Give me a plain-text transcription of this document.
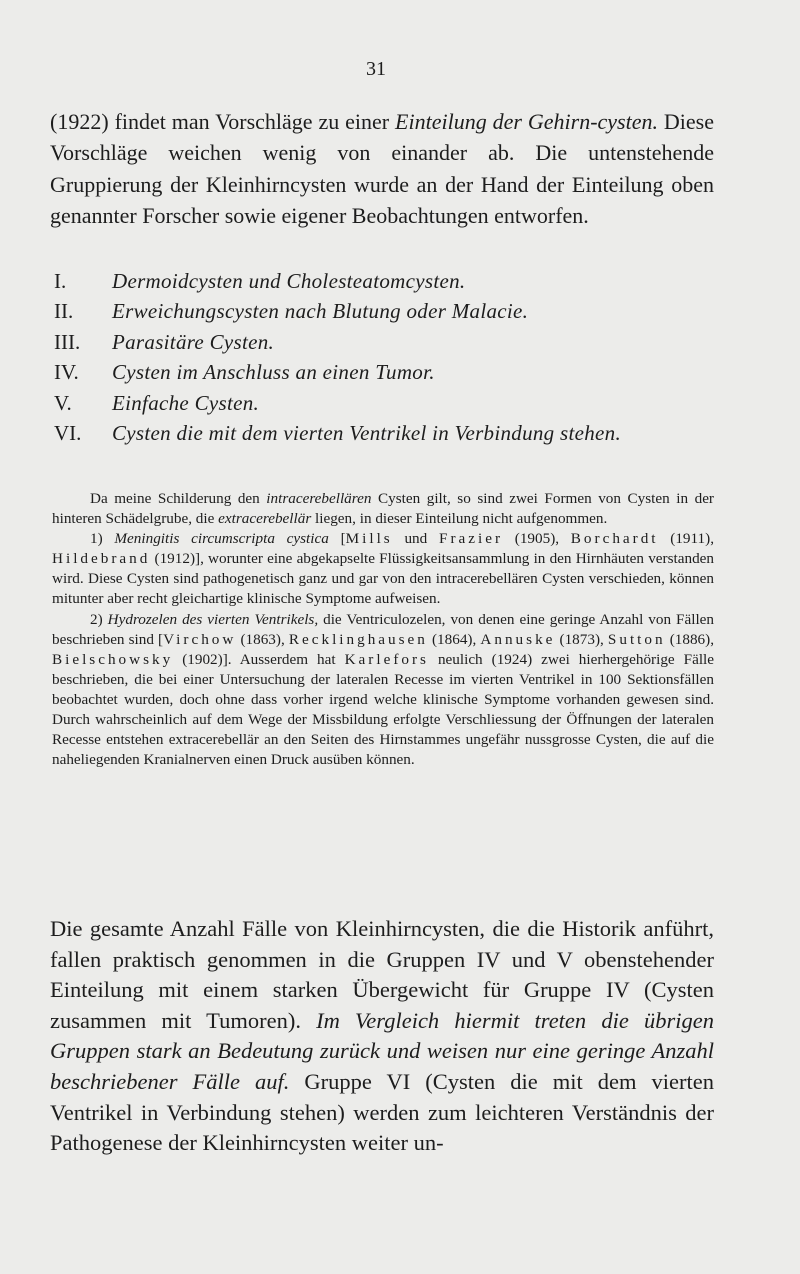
31
(1922) findet man Vorschläge zu einer Einteilung der Gehirn-cysten. Diese Vorschläge weichen wenig von einander ab. Die untenstehende Gruppierung der Kleinhirncysten wurde an der Hand der Einteilung oben genannter Forscher sowie eigener Beobachtungen entworfen.
I.	Dermoidcysten und Cholesteatomcysten.
II.	Erweichungscysten nach Blutung oder Malacie.
III.	Parasitäre Cysten.
IV.	Cysten im Anschluss an einen Tumor.
V.	Einfache Cysten.
VI.	Cysten die mit dem vierten Ventrikel in Verbindung stehen.

Da meine Schilderung den intracerebellären Cysten gilt, so sind zwei Formen von Cysten in der hinteren Schädelgrube, die extracerebellär liegen, in dieser Einteilung nicht aufgenommen.

1) Meningitis circumscripta cystica [Mills und Frazier (1905), Borchardt (1911), Hildebrand (1912)], worunter eine abgekapselte Flüssigkeitsansammlung in den Hirnhäuten verstanden wird. Diese Cysten sind pathogenetisch ganz und gar von den intracerebellären Cysten verschieden, können mitunter aber recht gleichartige klinische Symptome aufweisen.

2) Hydrozelen des vierten Ventrikels, die Ventriculozelen, von denen eine geringe Anzahl von Fällen beschrieben sind [Virchow (1863), Recklinghausen (1864), Annuske (1873), Sutton (1886), Bielschowsky (1902)]. Ausserdem hat Karlefors neulich (1924) zwei hierhergehörige Fälle beschrieben, die bei einer Untersuchung der lateralen Recesse im vierten Ventrikel in 100 Sektionsfällen beobachtet wurden, doch ohne dass vorher irgend welche klinische Symptome vorhanden gewesen sind. Durch wahrscheinlich auf dem Wege der Missbildung erfolgte Verschliessung der Öffnungen der lateralen Recesse entstehen extracerebellär an den Seiten des Hirnstammes ungefähr nussgrosse Cysten, die auf die naheliegenden Kranialnerven einen Druck ausüben können.

Die gesamte Anzahl Fälle von Kleinhirncysten, die die Historik anführt, fallen praktisch genommen in die Gruppen IV und V obenstehender Einteilung mit einem starken Übergewicht für Gruppe IV (Cysten zusammen mit Tumoren). Im Vergleich hiermit treten die übrigen Gruppen stark an Bedeutung zurück und weisen nur eine geringe Anzahl beschriebener Fälle auf. Gruppe VI (Cysten die mit dem vierten Ventrikel in Verbindung stehen) werden zum leichteren Verständnis der Pathogenese der Kleinhirncysten weiter un-
